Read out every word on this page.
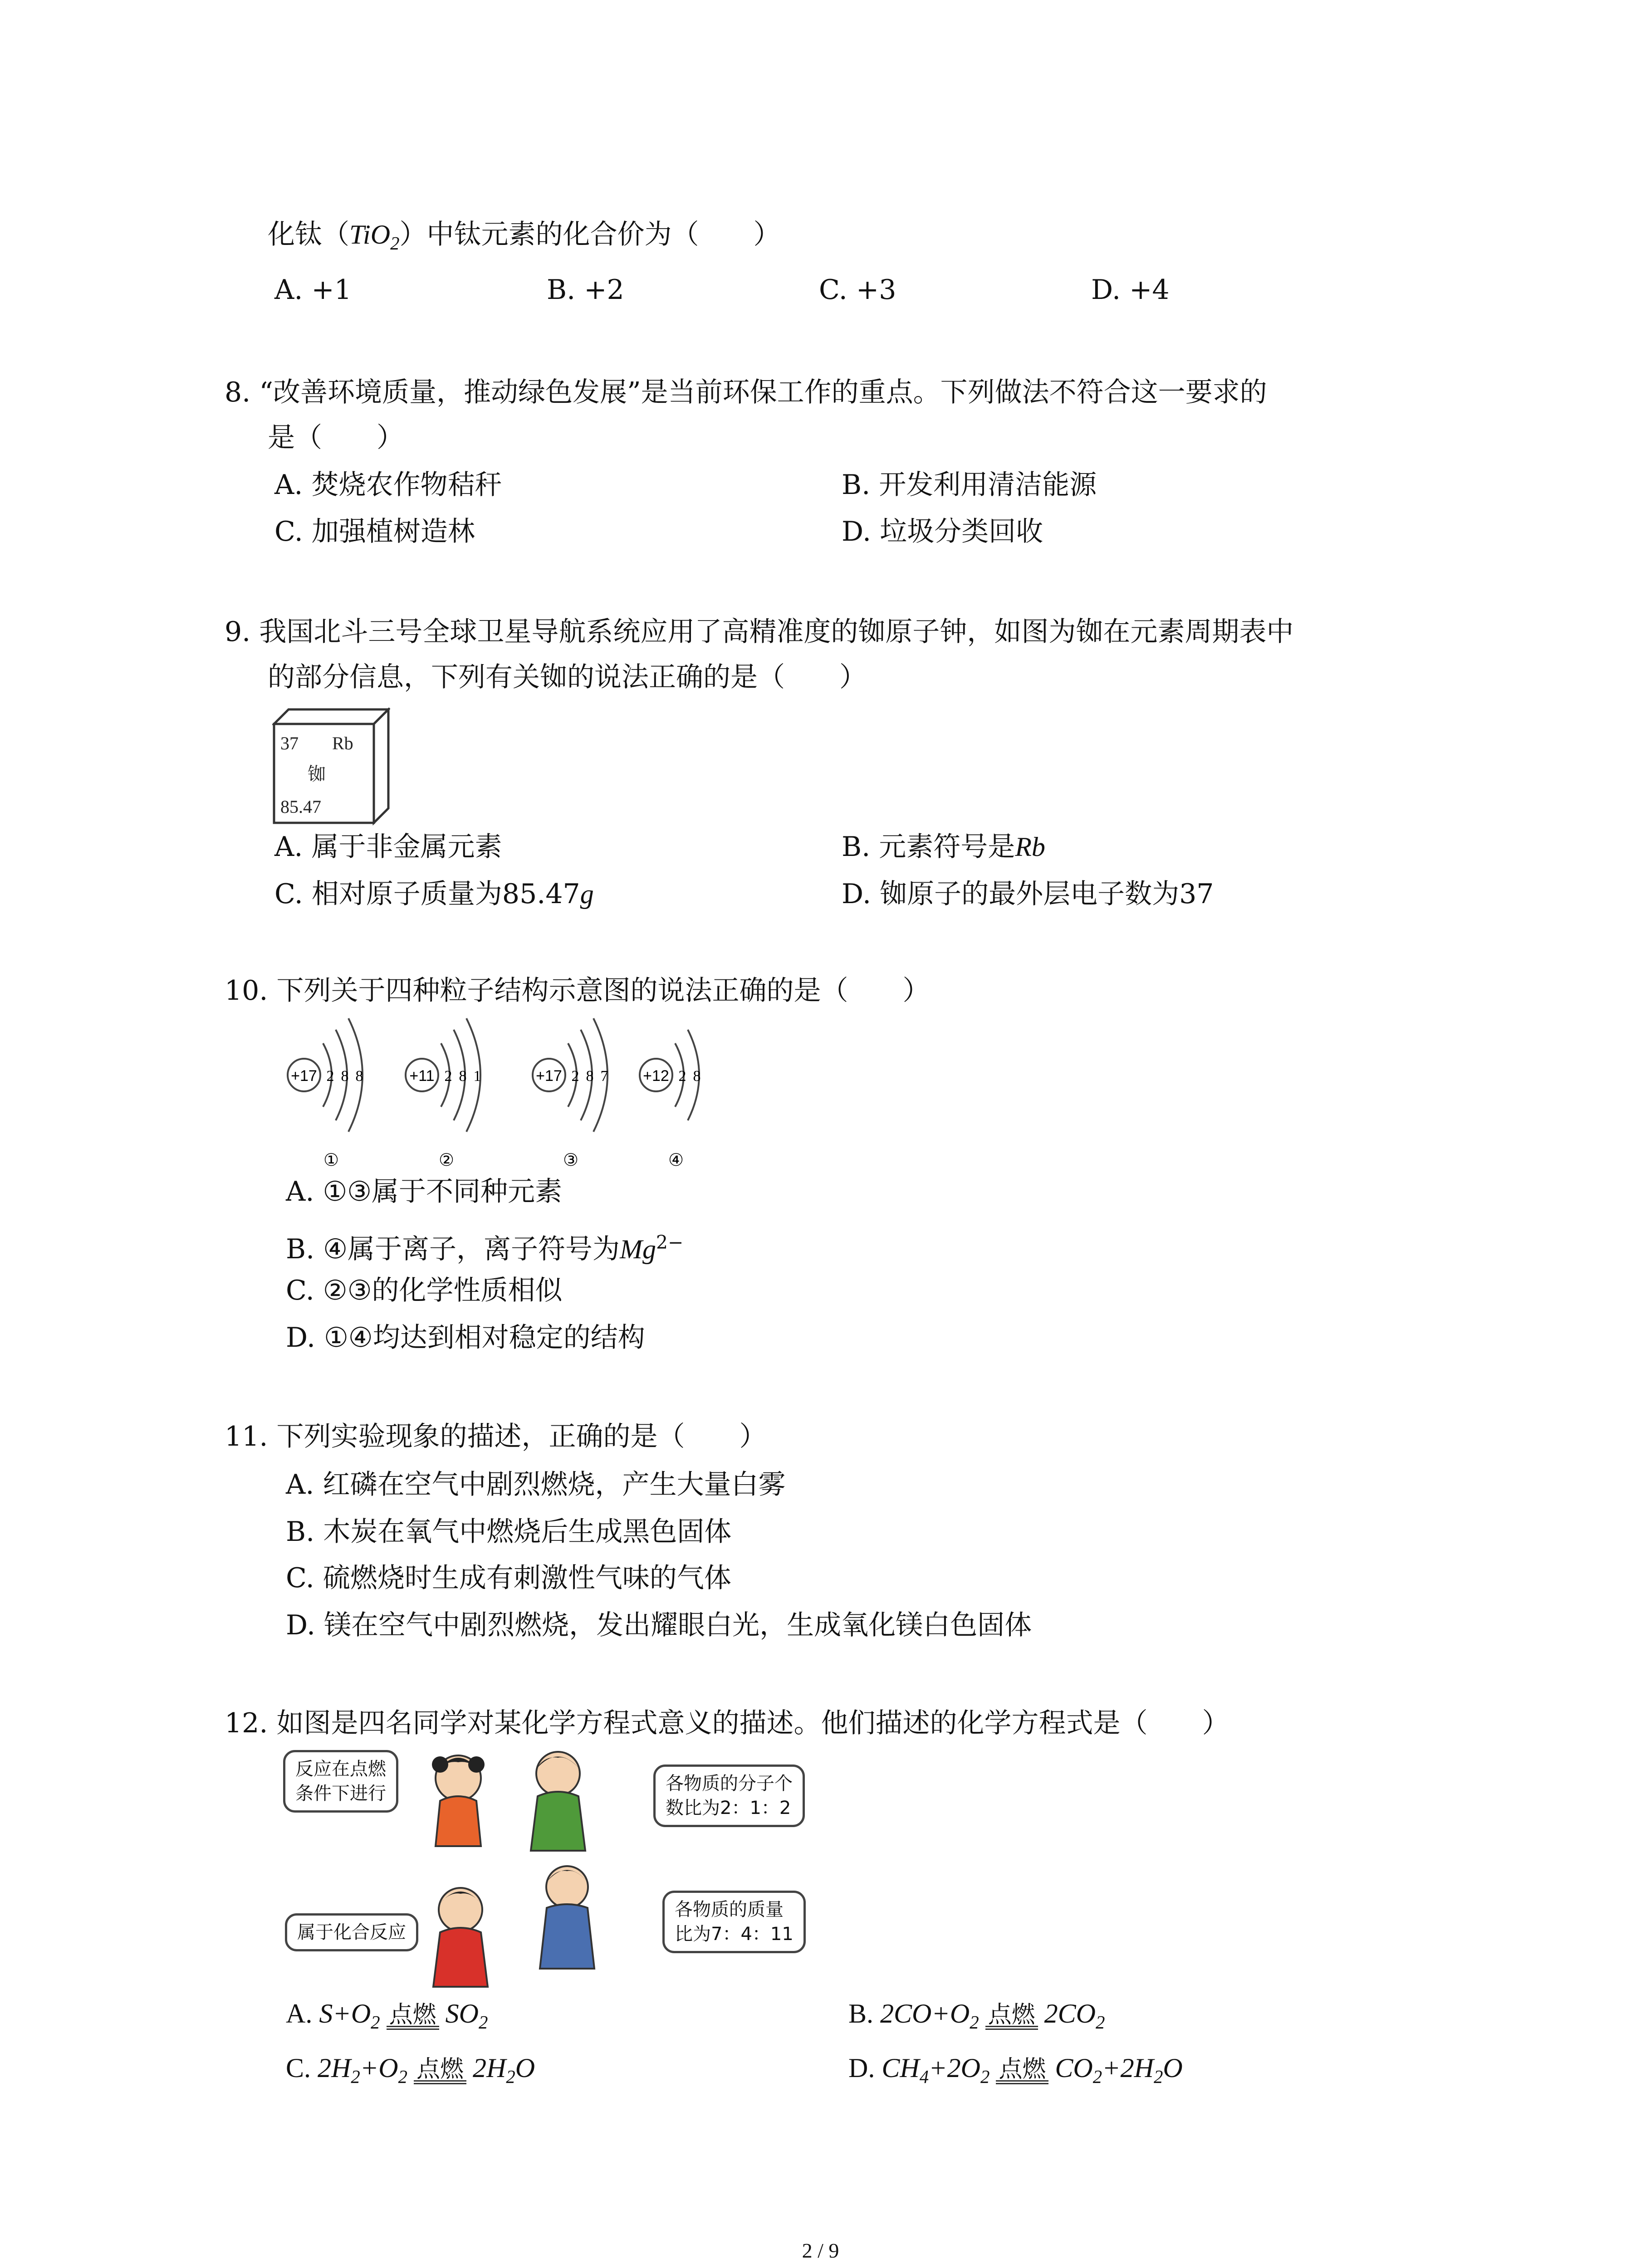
化钛（TiO$_2$）中钛元素的化合价为（ ）
A. +1	B. +2	C. +3	D. +4
8. “改善环境质量，推动绿色发展”是当前环保工作的重点。下列做法不符合这一要求的
是（ ）
A. 焚烧农作物秸秆	B. 开发利用清洁能源
C. 加强植树造林	D. 垃圾分类回收
9. 我国北斗三号全球卫星导航系统应用了高精准度的铷原子钟，如图为铷在元素周期表中
的部分信息，下列有关铷的说法正确的是（ ）
37 Rb
铷
85.47
A. 属于非金属元素	B. 元素符号是Rb
C. 相对原子质量为85.47g	D. 铷原子的最外层电子数为37
10. 下列关于四种粒子结构示意图的说法正确的是（ ）
+17 2 8 8
①
+11 2 8 1
②
+17 2 8 7
③
+12 2 8
④
A. ①③属于不同种元素
B. ④属于离子，离子符号为$Mg^{2-}$
C. ②③的化学性质相似
D. ①④均达到相对稳定的结构
11. 下列实验现象的描述，正确的是（ ）
A. 红磷在空气中剧烈燃烧，产生大量白雾
B. 木炭在氧气中燃烧后生成黑色固体
C. 硫燃烧时生成有刺激性气味的气体
D. 镁在空气中剧烈燃烧，发出耀眼白光，生成氧化镁白色固体
12. 如图是四名同学对某化学方程式意义的描述。他们描述的化学方程式是（ ）
反应在点燃
条件下进行	各物质的分子个
数比为2：1：2
属于化合反应
各物质的质量
比为7：4：11
A. $S+O_2$ 点燃 $SO_2$	B. $2CO+O_2$ 点燃 $2CO_2$
C. $2H_2+O_2$ 点燃 $2H_2O$	D. $CH_4+2O_2$ 点燃 $CO_2+2H_2O$
2 / 9
